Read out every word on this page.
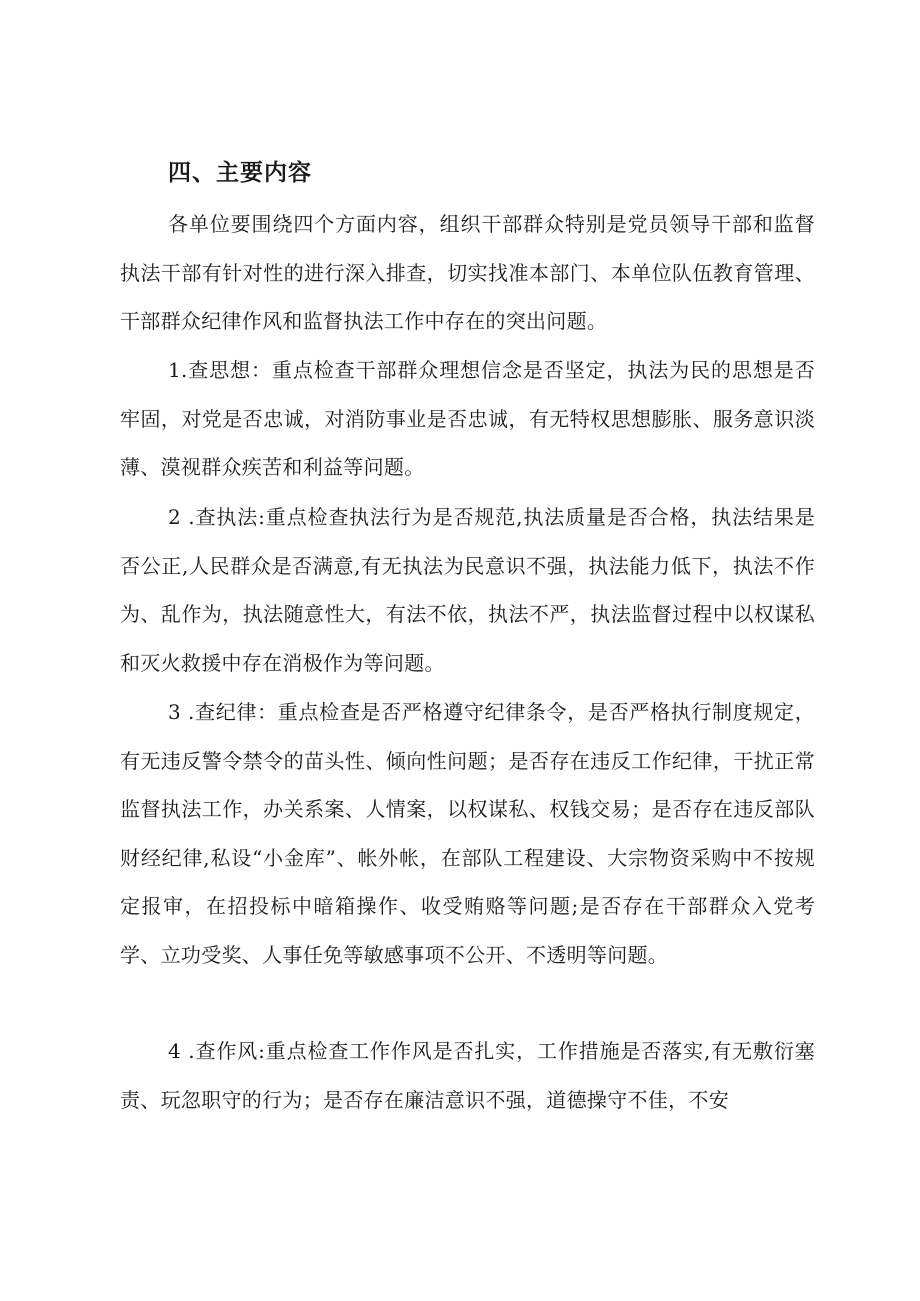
四、主要内容

各单位要围绕四个方面内容，组织干部群众特别是党员领导干部和监督执法干部有针对性的进行深入排查，切实找准本部门、本单位队伍教育管理、干部群众纪律作风和监督执法工作中存在的突出问题。

1.查思想：重点检查干部群众理想信念是否坚定，执法为民的思想是否牢固，对党是否忠诚，对消防事业是否忠诚，有无特权思想膨胀、服务意识淡薄、漠视群众疾苦和利益等问题。

2 .查执法:重点检查执法行为是否规范,执法质量是否合格，执法结果是否公正,人民群众是否满意,有无执法为民意识不强，执法能力低下，执法不作为、乱作为，执法随意性大，有法不依，执法不严，执法监督过程中以权谋私和灭火救援中存在消极作为等问题。

3 .查纪律：重点检查是否严格遵守纪律条令，是否严格执行制度规定，有无违反警令禁令的苗头性、倾向性问题；是否存在违反工作纪律，干扰正常监督执法工作，办关系案、人情案，以权谋私、权钱交易；是否存在违反部队财经纪律,私设“小金库”、帐外帐，在部队工程建设、大宗物资采购中不按规定报审，在招投标中暗箱操作、收受贿赂等问题;是否存在干部群众入党考学、立功受奖、人事任免等敏感事项不公开、不透明等问题。

4 .查作风:重点检查工作作风是否扎实，工作措施是否落实,有无敷衍塞责、玩忽职守的行为；是否存在廉洁意识不强，道德操守不佳，不安
